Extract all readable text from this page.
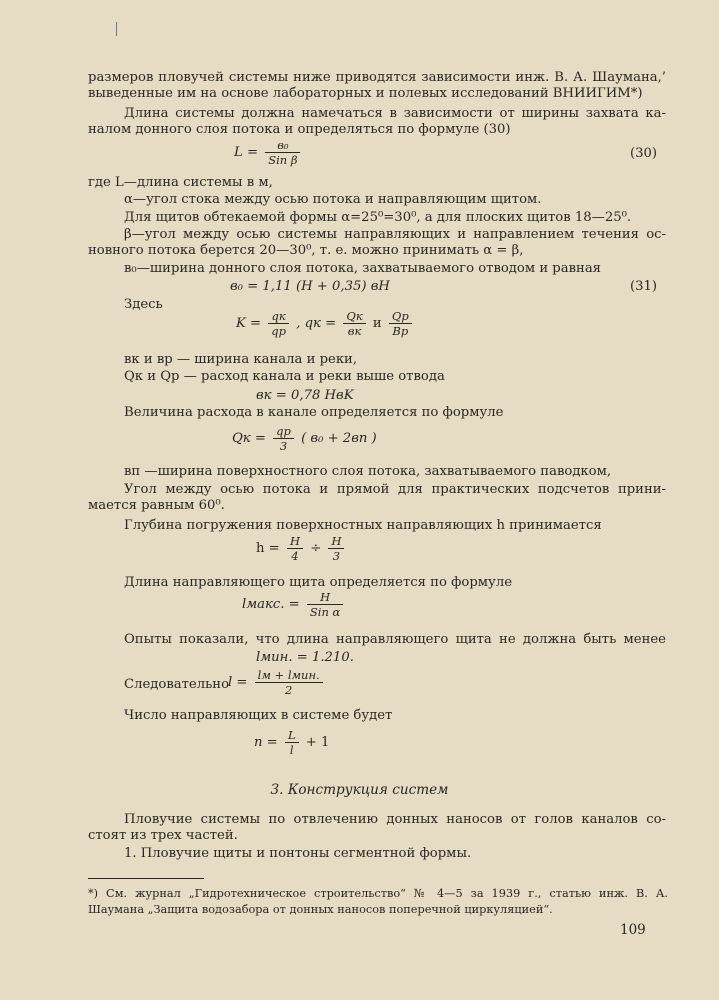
размеров пловучей системы ниже приводятся зависимости инж. В. А. Шаумана,’
выведенные им на основе лабораторных и полевых исследований ВНИИГИМ*)
Длина системы должна намечаться в зависимости от ширины захвата ка-
налом донного слоя потока и определяться по формуле (30)
$L = \frac{\text{в₀}}{\text{Sin β}}$	(30)
где L—длина системы в м,
α—угол стока между осью потока и направляющим щитом.
Для щитов обтекаемой формы α=25⁰=30⁰, а для плоских щитов 18—25⁰.
β—угол между осью системы направляющих и направлением течения ос-
новного потока берется 20—30⁰, т. е. можно принимать α = β,
в₀—ширина донного слоя потока, захватываемого отводом и равная
в₀ = 1,11 (H + 0,35) вH	(31)
Здесь
$K = \frac{qк}{qр}$ , qк = $\frac{Qк}{вк}$ и $\frac{Qр}{Bр}$
вк и вр — ширина канала и реки,
Qк и Qр — расход канала и реки выше отвода
вк = 0,78 HвK
Величина расхода в канале определяется по формуле
Qк = $\frac{qр}{3}$ ( в₀ + 2вп )
вп —ширина поверхностного слоя потока, захватываемого паводком,
Угол между осью потока и прямой для практических подсчетов прини-
мается равным 60⁰.
Глубина погружения поверхностных направляющих h принимается
$h = \frac{H}{4} \div \frac{H}{3}$
Длина направляющего щита определяется по формуле
lмакс. = $\frac{H}{\text{Sin α}}$
Опыты показали, что длина направляющего щита не должна быть менее
lмин. = 1.210.
Следовательно
$l = \frac{\text{lм + lмин.}}{2}$
Число направляющих в системе будет
$n = \frac{L}{l} + 1$
3. Конструкция систем
Пловучие системы по отвлечению донных наносов от голов каналов со-
стоят из трех частей.
1. Пловучие щиты и понтоны сегментной формы.
*) См. журнал „Гидротехническое строительство“ № 4—5 за 1939 г., статью инж. В. А.
Шаумана „Защита водозабора от донных наносов поперечной циркуляцией“.
109
